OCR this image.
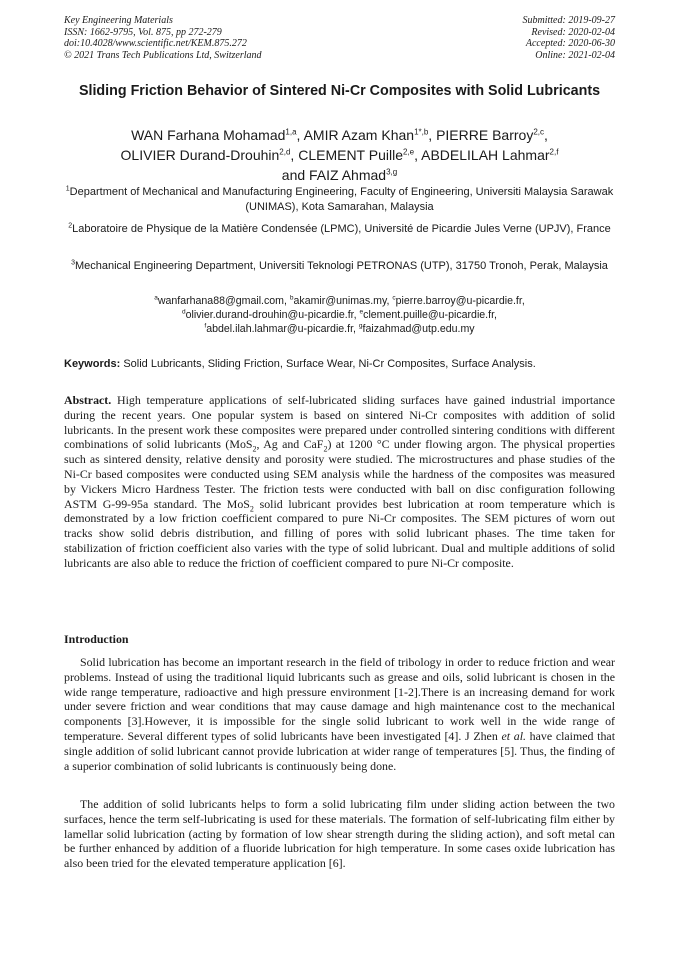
Key Engineering Materials
ISSN: 1662-9795, Vol. 875, pp 272-279
doi:10.4028/www.scientific.net/KEM.875.272
© 2021 Trans Tech Publications Ltd, Switzerland
Submitted: 2019-09-27
Revised: 2020-02-04
Accepted: 2020-06-30
Online: 2021-02-04
Sliding Friction Behavior of Sintered Ni-Cr Composites with Solid Lubricants
WAN Farhana Mohamad$^{1,a}$, AMIR Azam Khan$^{1*,b}$, PIERRE Barroy$^{2,c}$,
OLIVIER Durand-Drouhin$^{2,d}$, CLEMENT Puille$^{2,e}$, ABDELILAH Lahmar$^{2,f}$
and FAIZ Ahmad$^{3,g}$
$^1$Department of Mechanical and Manufacturing Engineering, Faculty of Engineering, Universiti Malaysia Sarawak (UNIMAS), Kota Samarahan, Malaysia
$^2$Laboratoire de Physique de la Matière Condensée (LPMC), Université de Picardie Jules Verne (UPJV), France
$^3$Mechanical Engineering Department, Universiti Teknologi PETRONAS (UTP), 31750 Tronoh, Perak, Malaysia
$^a$wanfarhana88@gmail.com, $^b$akamir@unimas.my, $^c$pierre.barroy@u-picardie.fr,
$^d$olivier.durand-drouhin@u-picardie.fr, $^e$clement.puille@u-picardie.fr,
$^f$abdel.ilah.lahmar@u-picardie.fr, $^g$faizahmad@utp.edu.my
Keywords: Solid Lubricants, Sliding Friction, Surface Wear, Ni-Cr Composites, Surface Analysis.
Abstract. High temperature applications of self-lubricated sliding surfaces have gained industrial importance during the recent years. One popular system is based on sintered Ni-Cr composites with addition of solid lubricants. In the present work these composites were prepared under controlled sintering conditions with different combinations of solid lubricants (MoS$_2$, Ag and CaF$_2$) at 1200 °C under flowing argon. The physical properties such as sintered density, relative density and porosity were studied. The microstructures and phase studies of the Ni-Cr based composites were conducted using SEM analysis while the hardness of the composites was measured by Vickers Micro Hardness Tester. The friction tests were conducted with ball on disc configuration following ASTM G-99-95a standard. The MoS$_2$ solid lubricant provides best lubrication at room temperature which is demonstrated by a low friction coefficient compared to pure Ni-Cr composites. The SEM pictures of worn out tracks show solid debris distribution, and filling of pores with solid lubricant phases. The time taken for stabilization of friction coefficient also varies with the type of solid lubricant. Dual and multiple additions of solid lubricants are also able to reduce the friction of coefficient compared to pure Ni-Cr composite.
Introduction
Solid lubrication has become an important research in the field of tribology in order to reduce friction and wear problems. Instead of using the traditional liquid lubricants such as grease and oils, solid lubricant is chosen in the wide range temperature, radioactive and high pressure environment [1-2].There is an increasing demand for work under severe friction and wear conditions that may cause damage and high maintenance cost to the mechanical components [3].However, it is impossible for the single solid lubricant to work well in the wide range of temperature. Several different types of solid lubricants have been investigated [4]. J Zhen et al. have claimed that single addition of solid lubricant cannot provide lubrication at wider range of temperatures [5]. Thus, the finding of a superior combination of solid lubricants is continuously being done.
The addition of solid lubricants helps to form a solid lubricating film under sliding action between the two surfaces, hence the term self-lubricating is used for these materials. The formation of self-lubricating film either by lamellar solid lubrication (acting by formation of low shear strength during the sliding action), and soft metal can be further enhanced by addition of a fluoride lubrication for high temperature. In some cases oxide lubrication has also been tried for the elevated temperature application [6].
